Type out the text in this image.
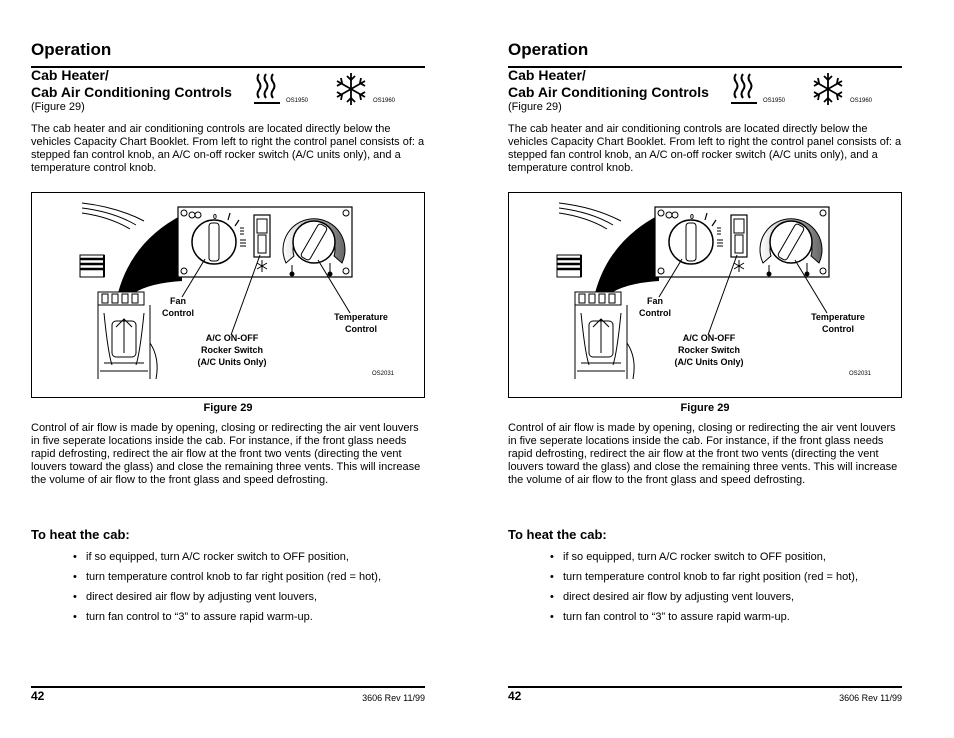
Operation
Cab Heater/
Cab Air Conditioning Controls
(Figure 29)	OS1950	OS1960

The cab heater and air conditioning controls are located directly below the vehicles Capacity Chart Booklet. From left to right the control panel consists of: a stepped fan control knob, an A/C on-off rocker switch (A/C units only), and a temperature control knob.

0
Fan
Control
A/C ON-OFF
Rocker Switch
(A/C Units Only)
Temperature
Control
OS2031

Figure 29

Control of air flow is made by opening, closing or redirecting the air vent louvers in five seperate locations inside the cab. For instance, if the front glass needs rapid defrosting, redirect the air flow at the front two vents (directing the vent louvers toward the glass) and close the remaining three vents. This will increase the volume of air flow to the front glass and speed defrosting.

To heat the cab:
• if so equipped, turn A/C rocker switch to OFF position,
• turn temperature control knob to far right position (red = hot),
• direct desired air flow by adjusting vent louvers,
• turn fan control to “3” to assure rapid warm-up.
42	3606 Rev 11/99
Operation
Cab Heater/
Cab Air Conditioning Controls
(Figure 29)	OS1950	OS1960

The cab heater and air conditioning controls are located directly below the vehicles Capacity Chart Booklet. From left to right the control panel consists of: a stepped fan control knob, an A/C on-off rocker switch (A/C units only), and a temperature control knob.

0
Fan
Control
A/C ON-OFF
Rocker Switch
(A/C Units Only)
Temperature
Control
OS2031

Figure 29

Control of air flow is made by opening, closing or redirecting the air vent louvers in five seperate locations inside the cab. For instance, if the front glass needs rapid defrosting, redirect the air flow at the front two vents (directing the vent louvers toward the glass) and close the remaining three vents. This will increase the volume of air flow to the front glass and speed defrosting.

To heat the cab:
• if so equipped, turn A/C rocker switch to OFF position,
• turn temperature control knob to far right position (red = hot),
• direct desired air flow by adjusting vent louvers,
• turn fan control to “3” to assure rapid warm-up.
42	3606 Rev 11/99
